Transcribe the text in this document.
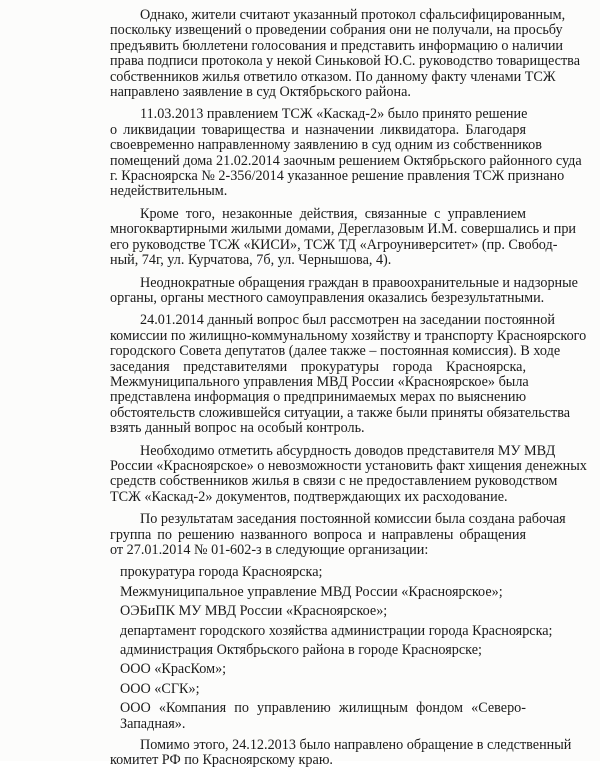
Однако, жители считают указанный протокол сфальсифицированным,
поскольку извещений о проведении собрания они не получали, на просьбу
предъявить бюллетени голосования и представить информацию о наличии
права подписи протокола у некой Синьковой Ю.С. руководство товарищества
собственников жилья ответило отказом. По данному факту членами ТСЖ
направлено заявление в суд Октябрьского района.

11.03.2013 правлением ТСЖ «Каскад-2» было принято решение
о ликвидации товарищества и назначении ликвидатора. Благодаря
своевременно направленному заявлению в суд одним из собственников
помещений дома 21.02.2014 заочным решением Октябрьского районного суда
г. Красноярска № 2-356/2014 указанное решение правления ТСЖ признано
недействительным.

Кроме того, незаконные действия, связанные с управлением
многоквартирными жилыми домами, Дереглазовым И.М. совершались и при
его руководстве ТСЖ «КИСИ», ТСЖ ТД «Агроуниверситет» (пр. Свобод-
ный, 74г, ул. Курчатова, 7б, ул. Чернышова, 4).

Неоднократные обращения граждан в правоохранительные и надзорные
органы, органы местного самоуправления оказались безрезультатными.

24.01.2014 данный вопрос был рассмотрен на заседании постоянной
комиссии по жилищно-коммунальному хозяйству и транспорту Красноярского
городского Совета депутатов (далее также – постоянная комиссия). В ходе
заседания представителями прокуратуры города Красноярска,
Межмуниципального управления МВД России «Красноярское» была
представлена информация о предпринимаемых мерах по выяснению
обстоятельств сложившейся ситуации, а также были приняты обязательства
взять данный вопрос на особый контроль.

Необходимо отметить абсурдность доводов представителя МУ МВД
России «Красноярское» о невозможности установить факт хищения денежных
средств собственников жилья в связи с не предоставлением руководством
ТСЖ «Каскад-2» документов, подтверждающих их расходование.

По результатам заседания постоянной комиссии была создана рабочая
группа по решению названного вопроса и направлены обращения
от 27.01.2014 № 01-602-з в следующие организации:

прокуратура города Красноярска;
Межмуниципальное управление МВД России «Красноярское»;
ОЭБиПК МУ МВД России «Красноярское»;
департамент городского хозяйства администрации города Красноярска;
администрация Октябрьского района в городе Красноярске;
ООО «КрасКом»;
ООО «СГК»;
ООО «Компания по управлению жилищным фондом «Северо-Западная».

Помимо этого, 24.12.2013 было направлено обращение в следственный
комитет РФ по Красноярскому краю.
